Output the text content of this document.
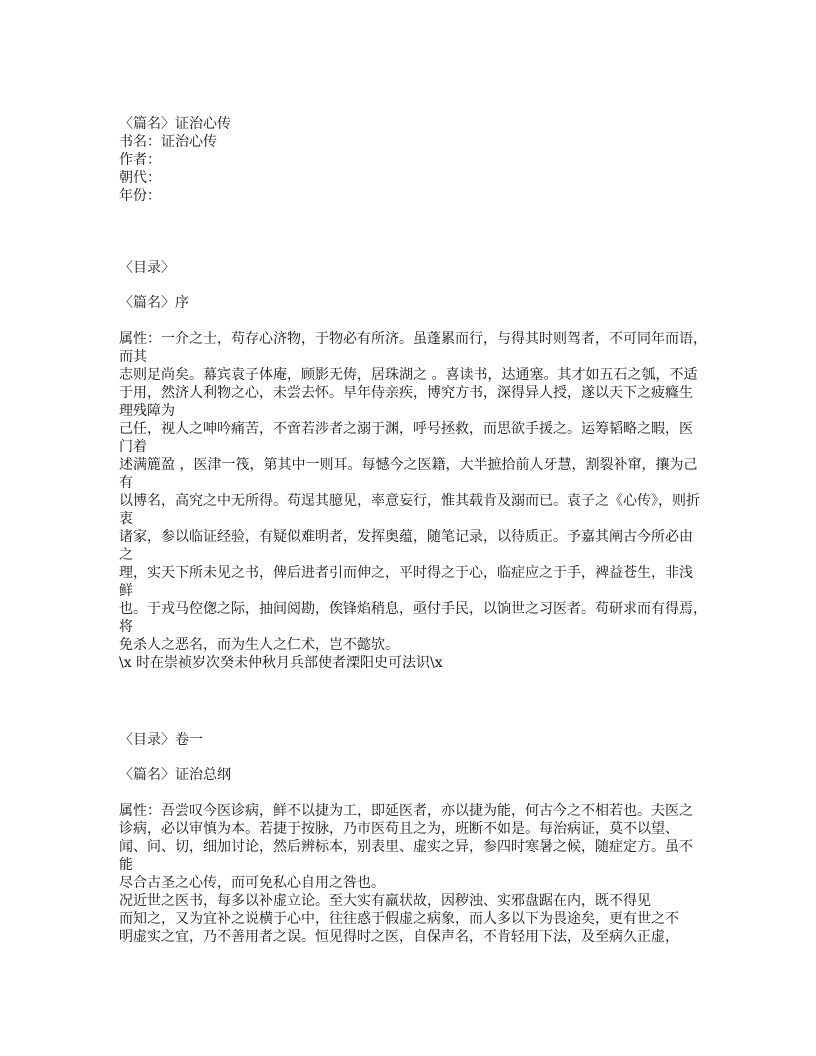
〈篇名〉证治心传
书名：证治心传
作者：
朝代：
年份：
〈目录〉
〈篇名〉序
属性：一介之士，苟存心济物，于物必有所济。虽蓬累而行，与得其时则驾者，不可同年而语，
而其
志则足尚矣。幕宾袁子体庵，顾影无俦，居珠湖之 。喜读书，达通塞。其才如五石之瓠，不适
于用，然济人利物之心，未尝去怀。早年侍亲疾，博究方书，深得异人授，遂以天下之疲癃生
理残障为
己任，视人之呻吟痛苦，不啻若涉者之溺于渊，呼号拯救，而思欲手援之。运筹韬略之暇，医
门着
述满簏盈 ，医津一筏，第其中一则耳。每憾今之医籍，大半摭拾前人牙慧，割裂补窜，攘为己
有
以博名，高究之中无所得。苟逞其臆见，率意妄行，惟其载肯及溺而已。袁子之《心传》，则折
衷
诸家，参以临证经验，有疑似难明者，发挥奥蕴，随笔记录，以待质正。予嘉其阐古今所必由
之
理，实天下所未见之书，俾后进者引而伸之，平时得之于心，临症应之于手，裨益苍生，非浅
鲜
也。于戎马倥偬之际，抽间阅勘，俟锋焰稍息，亟付手民，以饷世之习医者。苟研求而有得焉，
将
免杀人之恶名，而为生人之仁术，岂不懿欤。
\x 时在崇祯岁次癸未仲秋月兵部使者溧阳史可法识\x
〈目录〉卷一
〈篇名〉证治总纲
属性：吾尝叹今医诊病，鲜不以捷为工，即延医者，亦以捷为能，何古今之不相若也。夫医之
诊病，必以审慎为本。若捷于按脉，乃市医苟且之为，班断不如是。每治病证，莫不以望、
闻、问、切，细加讨论，然后辨标本，别表里、虚实之异，参四时寒暑之候，随症定方。虽不
能
尽合古圣之心传，而可免私心自用之咎也。
况近世之医书，每多以补虚立论。至大实有羸状故，因秽浊、实邪盘踞在内，既不得见
而知之，又为宜补之说横于心中，往往惑于假虚之病象，而人多以下为畏途矣，更有世之不
明虚实之宜，乃不善用者之误。恒见得时之医，自保声名，不肯轻用下法，及至病久正虚，
